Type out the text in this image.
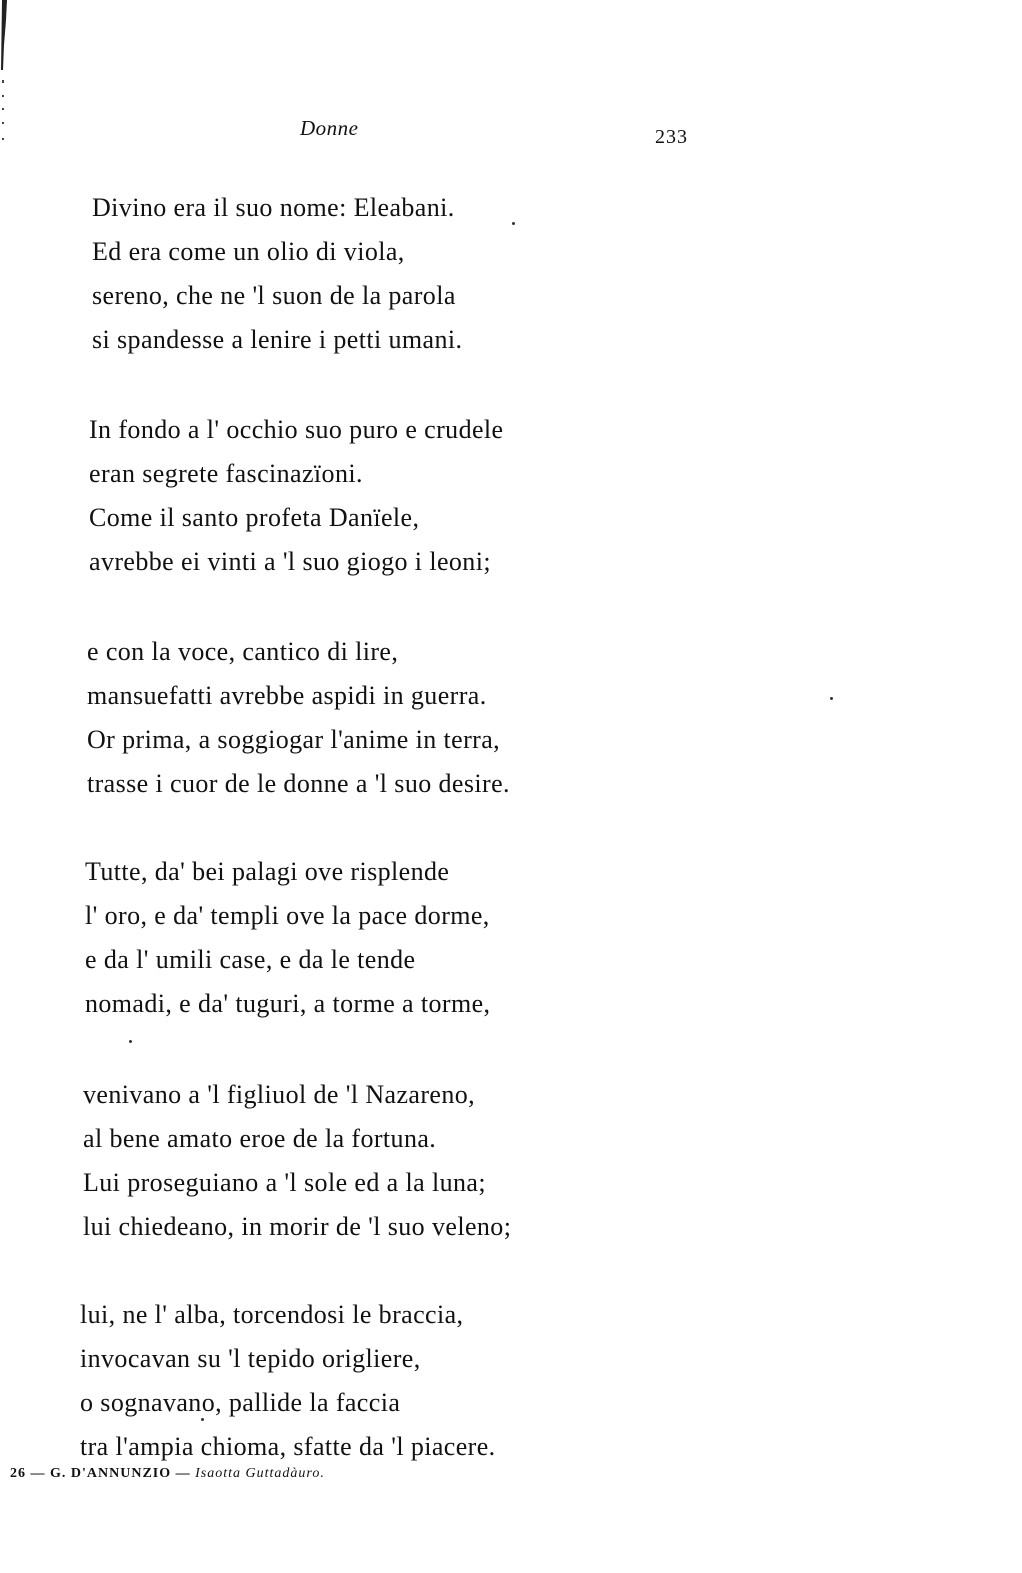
Donne	233
Divino era il suo nome: Eleabani.
Ed era come un olio di viola,
sereno, che ne 'l suon de la parola
si spandesse a lenire i petti umani.
In fondo a l' occhio suo puro e crudele
eran segrete fascinazïoni.
Come il santo profeta Danïele,
avrebbe ei vinti a 'l suo giogo i leoni;
e con la voce, cantico di lire,
mansuefatti avrebbe aspidi in guerra.
Or prima, a soggiogar l'anime in terra,
trasse i cuor de le donne a 'l suo desire.
Tutte, da' bei palagi ove risplende
l' oro, e da' templi ove la pace dorme,
e da l' umili case, e da le tende
nomadi, e da' tuguri, a torme a torme,
venivano a 'l figliuol de 'l Nazareno,
al bene amato eroe de la fortuna.
Lui proseguiano a 'l sole ed a la luna;
lui chiedeano, in morir de 'l suo veleno;
lui, ne l' alba, torcendosi le braccia,
invocavan su 'l tepido origliere,
o sognavano, pallide la faccia
tra l'ampia chioma, sfatte da 'l piacere.
26 — G. D'ANNUNZIO — Isaotta Guttadàuro.
